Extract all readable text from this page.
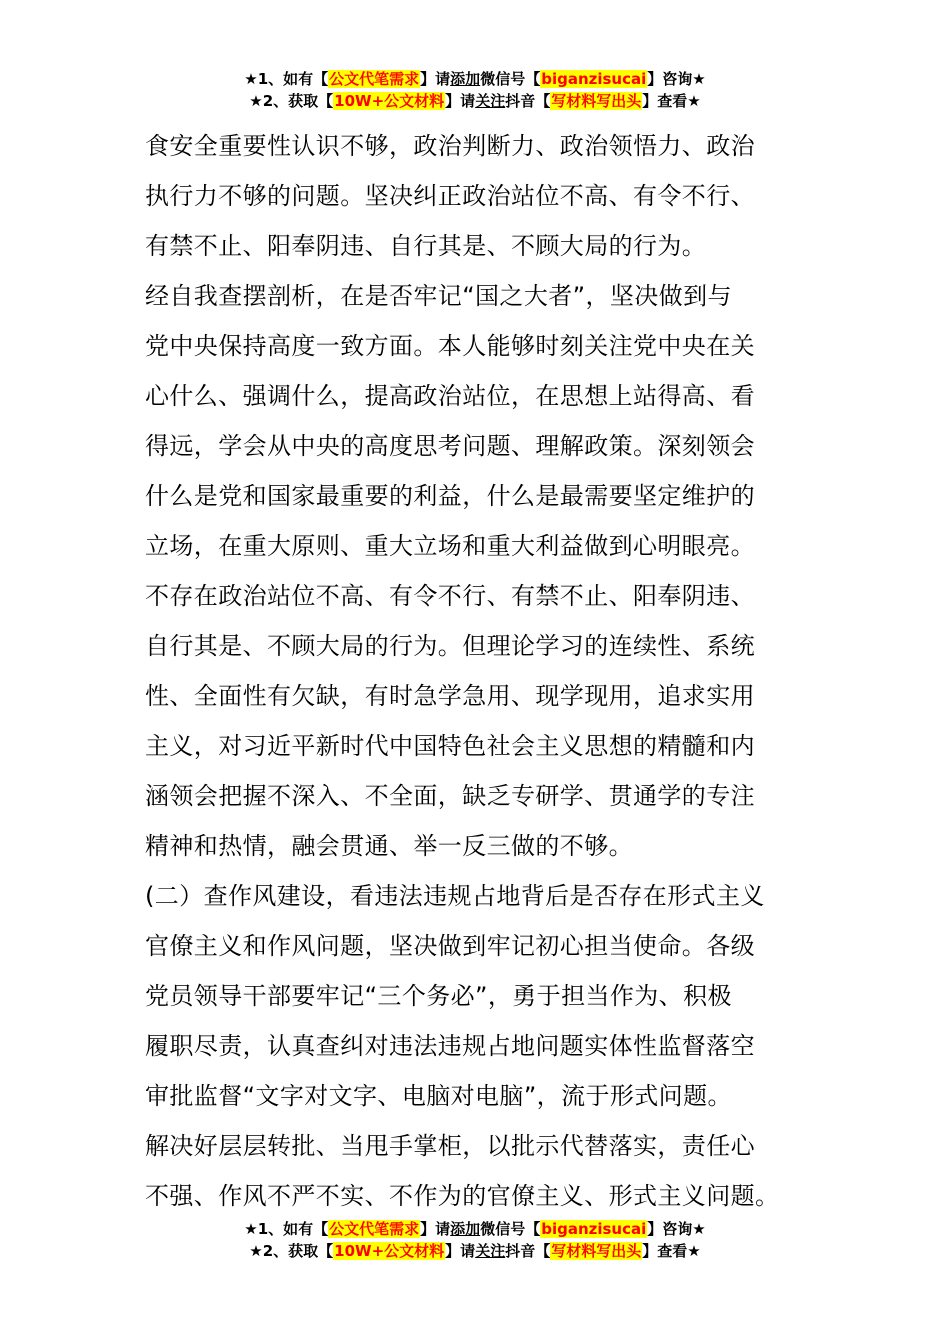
★1、如有【公文代笔需求】请添加微信号【biganzisucai】咨询★
★2、获取【10W+公文材料】请关注抖音【写材料写出头】查看★
食安全重要性认识不够，政治判断力、政治领悟力、政治
执行力不够的问题。坚决纠正政治站位不高、有令不行、
有禁不止、阳奉阴违、自行其是、不顾大局的行为。
经自我查摆剖析，在是否牢记“国之大者”，坚决做到与
党中央保持高度一致方面。本人能够时刻关注党中央在关
心什么、强调什么，提高政治站位，在思想上站得高、看
得远，学会从中央的高度思考问题、理解政策。深刻领会
什么是党和国家最重要的利益，什么是最需要坚定维护的
立场，在重大原则、重大立场和重大利益做到心明眼亮。
不存在政治站位不高、有令不行、有禁不止、阳奉阴违、
自行其是、不顾大局的行为。但理论学习的连续性、系统
性、全面性有欠缺，有时急学急用、现学现用，追求实用
主义，对习近平新时代中国特色社会主义思想的精髓和内
涵领会把握不深入、不全面，缺乏专研学、贯通学的专注
精神和热情，融会贯通、举一反三做的不够。
(二）查作风建设，看违法违规占地背后是否存在形式主义
官僚主义和作风问题，坚决做到牢记初心担当使命。各级
党员领导干部要牢记“三个务必”，勇于担当作为、积极
履职尽责，认真查纠对违法违规占地问题实体性监督落空
审批监督“文字对文字、电脑对电脑”，流于形式问题。
解决好层层转批、当甩手掌柜，以批示代替落实，责任心
不强、作风不严不实、不作为的官僚主义、形式主义问题。
★1、如有【公文代笔需求】请添加微信号【biganzisucai】咨询★
★2、获取【10W+公文材料】请关注抖音【写材料写出头】查看★
